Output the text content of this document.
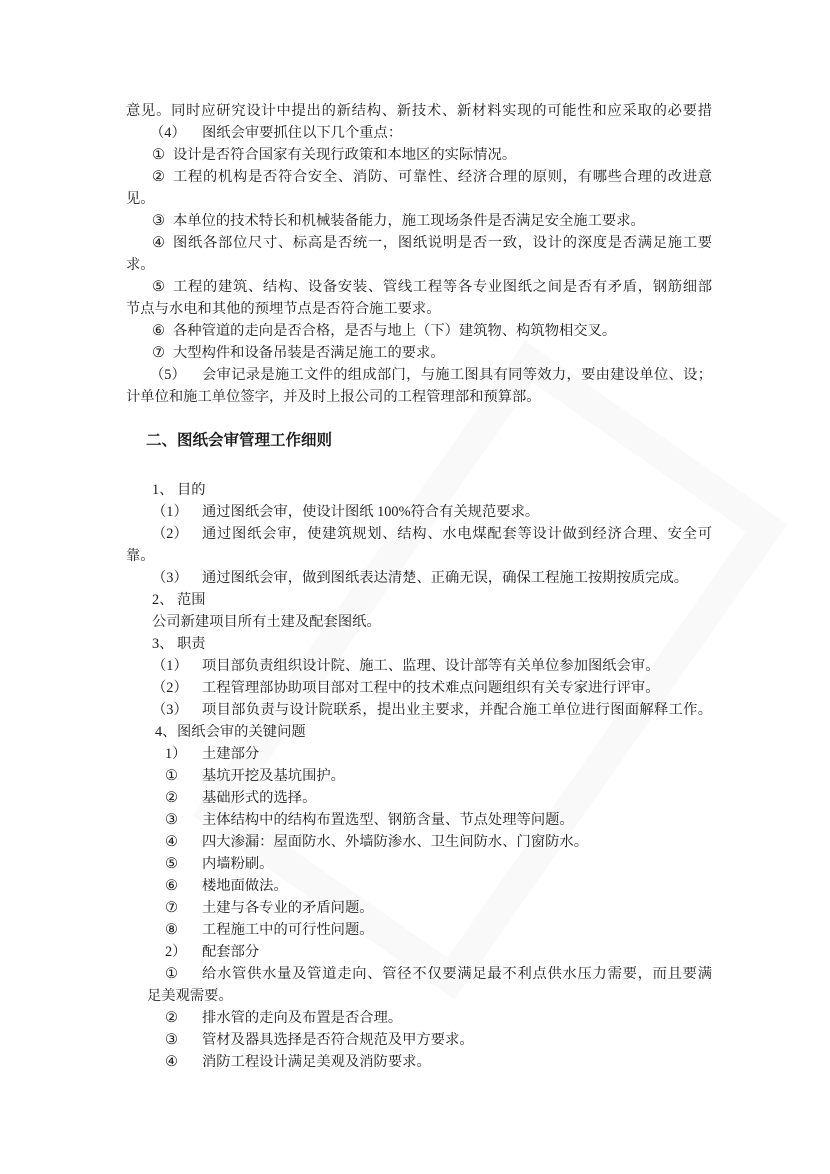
意见。同时应研究设计中提出的新结构、新技术、新材料实现的可能性和应采取的必要措
（4） 图纸会审要抓住以下几个重点：
① 设计是否符合国家有关现行政策和本地区的实际情况。
② 工程的机构是否符合安全、消防、可靠性、经济合理的原则，有哪些合理的改进意
见。
③ 本单位的技术特长和机械装备能力，施工现场条件是否满足安全施工要求。
④ 图纸各部位尺寸、标高是否统一，图纸说明是否一致，设计的深度是否满足施工要
求。
⑤ 工程的建筑、结构、设备安装、管线工程等各专业图纸之间是否有矛盾，钢筋细部
节点与水电和其他的预埋节点是否符合施工要求。
⑥ 各种管道的走向是否合格，是否与地上（下）建筑物、构筑物相交叉。
⑦ 大型构件和设备吊装是否满足施工的要求。
（5） 会审记录是施工文件的组成部门，与施工图具有同等效力，要由建设单位、设；
计单位和施工单位签字，并及时上报公司的工程管理部和预算部。
二、图纸会审管理工作细则
1、 目的
（1） 通过图纸会审，使设计图纸 100%符合有关规范要求。
（2） 通过图纸会审，使建筑规划、结构、水电煤配套等设计做到经济合理、安全可
靠。
（3） 通过图纸会审，做到图纸表达清楚、正确无误，确保工程施工按期按质完成。
2、 范围
公司新建项目所有土建及配套图纸。
3、 职责
（1） 项目部负责组织设计院、施工、监理、设计部等有关单位参加图纸会审。
（2） 工程管理部协助项目部对工程中的技术难点问题组织有关专家进行评审。
（3） 项目部负责与设计院联系，提出业主要求，并配合施工单位进行图面解释工作。
4、 图纸会审的关键问题
1） 土建部分
① 基坑开挖及基坑围护。
② 基础形式的选择。
③ 主体结构中的结构布置选型、钢筋含量、节点处理等问题。
④ 四大渗漏：屋面防水、外墙防渗水、卫生间防水、门窗防水。
⑤ 内墙粉刷。
⑥ 楼地面做法。
⑦ 土建与各专业的矛盾问题。
⑧ 工程施工中的可行性问题。
2） 配套部分
① 给水管供水量及管道走向、管径不仅要满足最不利点供水压力需要，而且要满
足美观需要。
② 排水管的走向及布置是否合理。
③ 管材及器具选择是否符合规范及甲方要求。
④ 消防工程设计满足美观及消防要求。
